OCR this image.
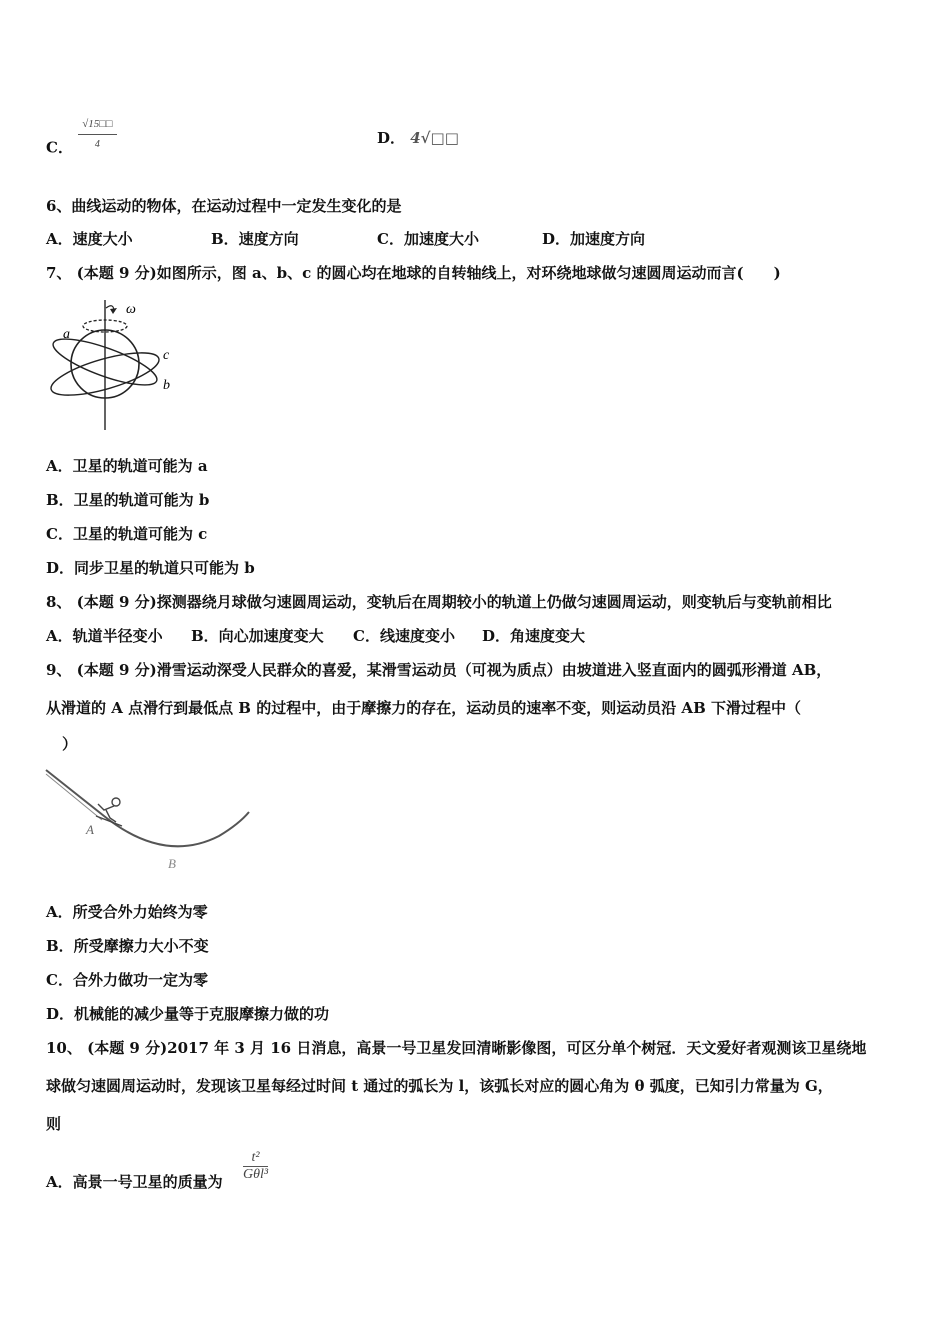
C． $\frac{√15□□}{4}$	D． 4√□□
6、曲线运动的物体，在运动过程中一定发生变化的是
A．速度大小	B．速度方向	C．加速度大小	D．加速度方向
7、 (本题 9 分)如图所示，图 a、b、c 的圆心均在地球的自转轴线上，对环绕地球做匀速圆周运动而言(　　)
ω
a
c
b
A．卫星的轨道可能为 a
B．卫星的轨道可能为 b
C．卫星的轨道可能为 c
D．同步卫星的轨道只可能为 b
8、 (本题 9 分)探测器绕月球做匀速圆周运动，变轨后在周期较小的轨道上仍做匀速圆周运动，则变轨后与变轨前相比
A．轨道半径变小 B．向心加速度变大 C．线速度变小 D．角速度变大
9、 (本题 9 分)滑雪运动深受人民群众的喜爱，某滑雪运动员（可视为质点）由坡道进入竖直面内的圆弧形滑道 AB，
从滑道的 A 点滑行到最低点 B 的过程中，由于摩擦力的存在，运动员的速率不变，则运动员沿 AB 下滑过程中（
）
A
B
A．所受合外力始终为零
B．所受摩擦力大小不变
C．合外力做功一定为零
D．机械能的减少量等于克服摩擦力做的功
10、 (本题 9 分)2017 年 3 月 16 日消息，高景一号卫星发回清晰影像图，可区分单个树冠．天文爱好者观测该卫星绕地
球做匀速圆周运动时，发现该卫星每经过时间 t 通过的弧长为 l，该弧长对应的圆心角为 θ 弧度，已知引力常量为 G，
则
A．高景一号卫星的质量为
t²
Gθl³
